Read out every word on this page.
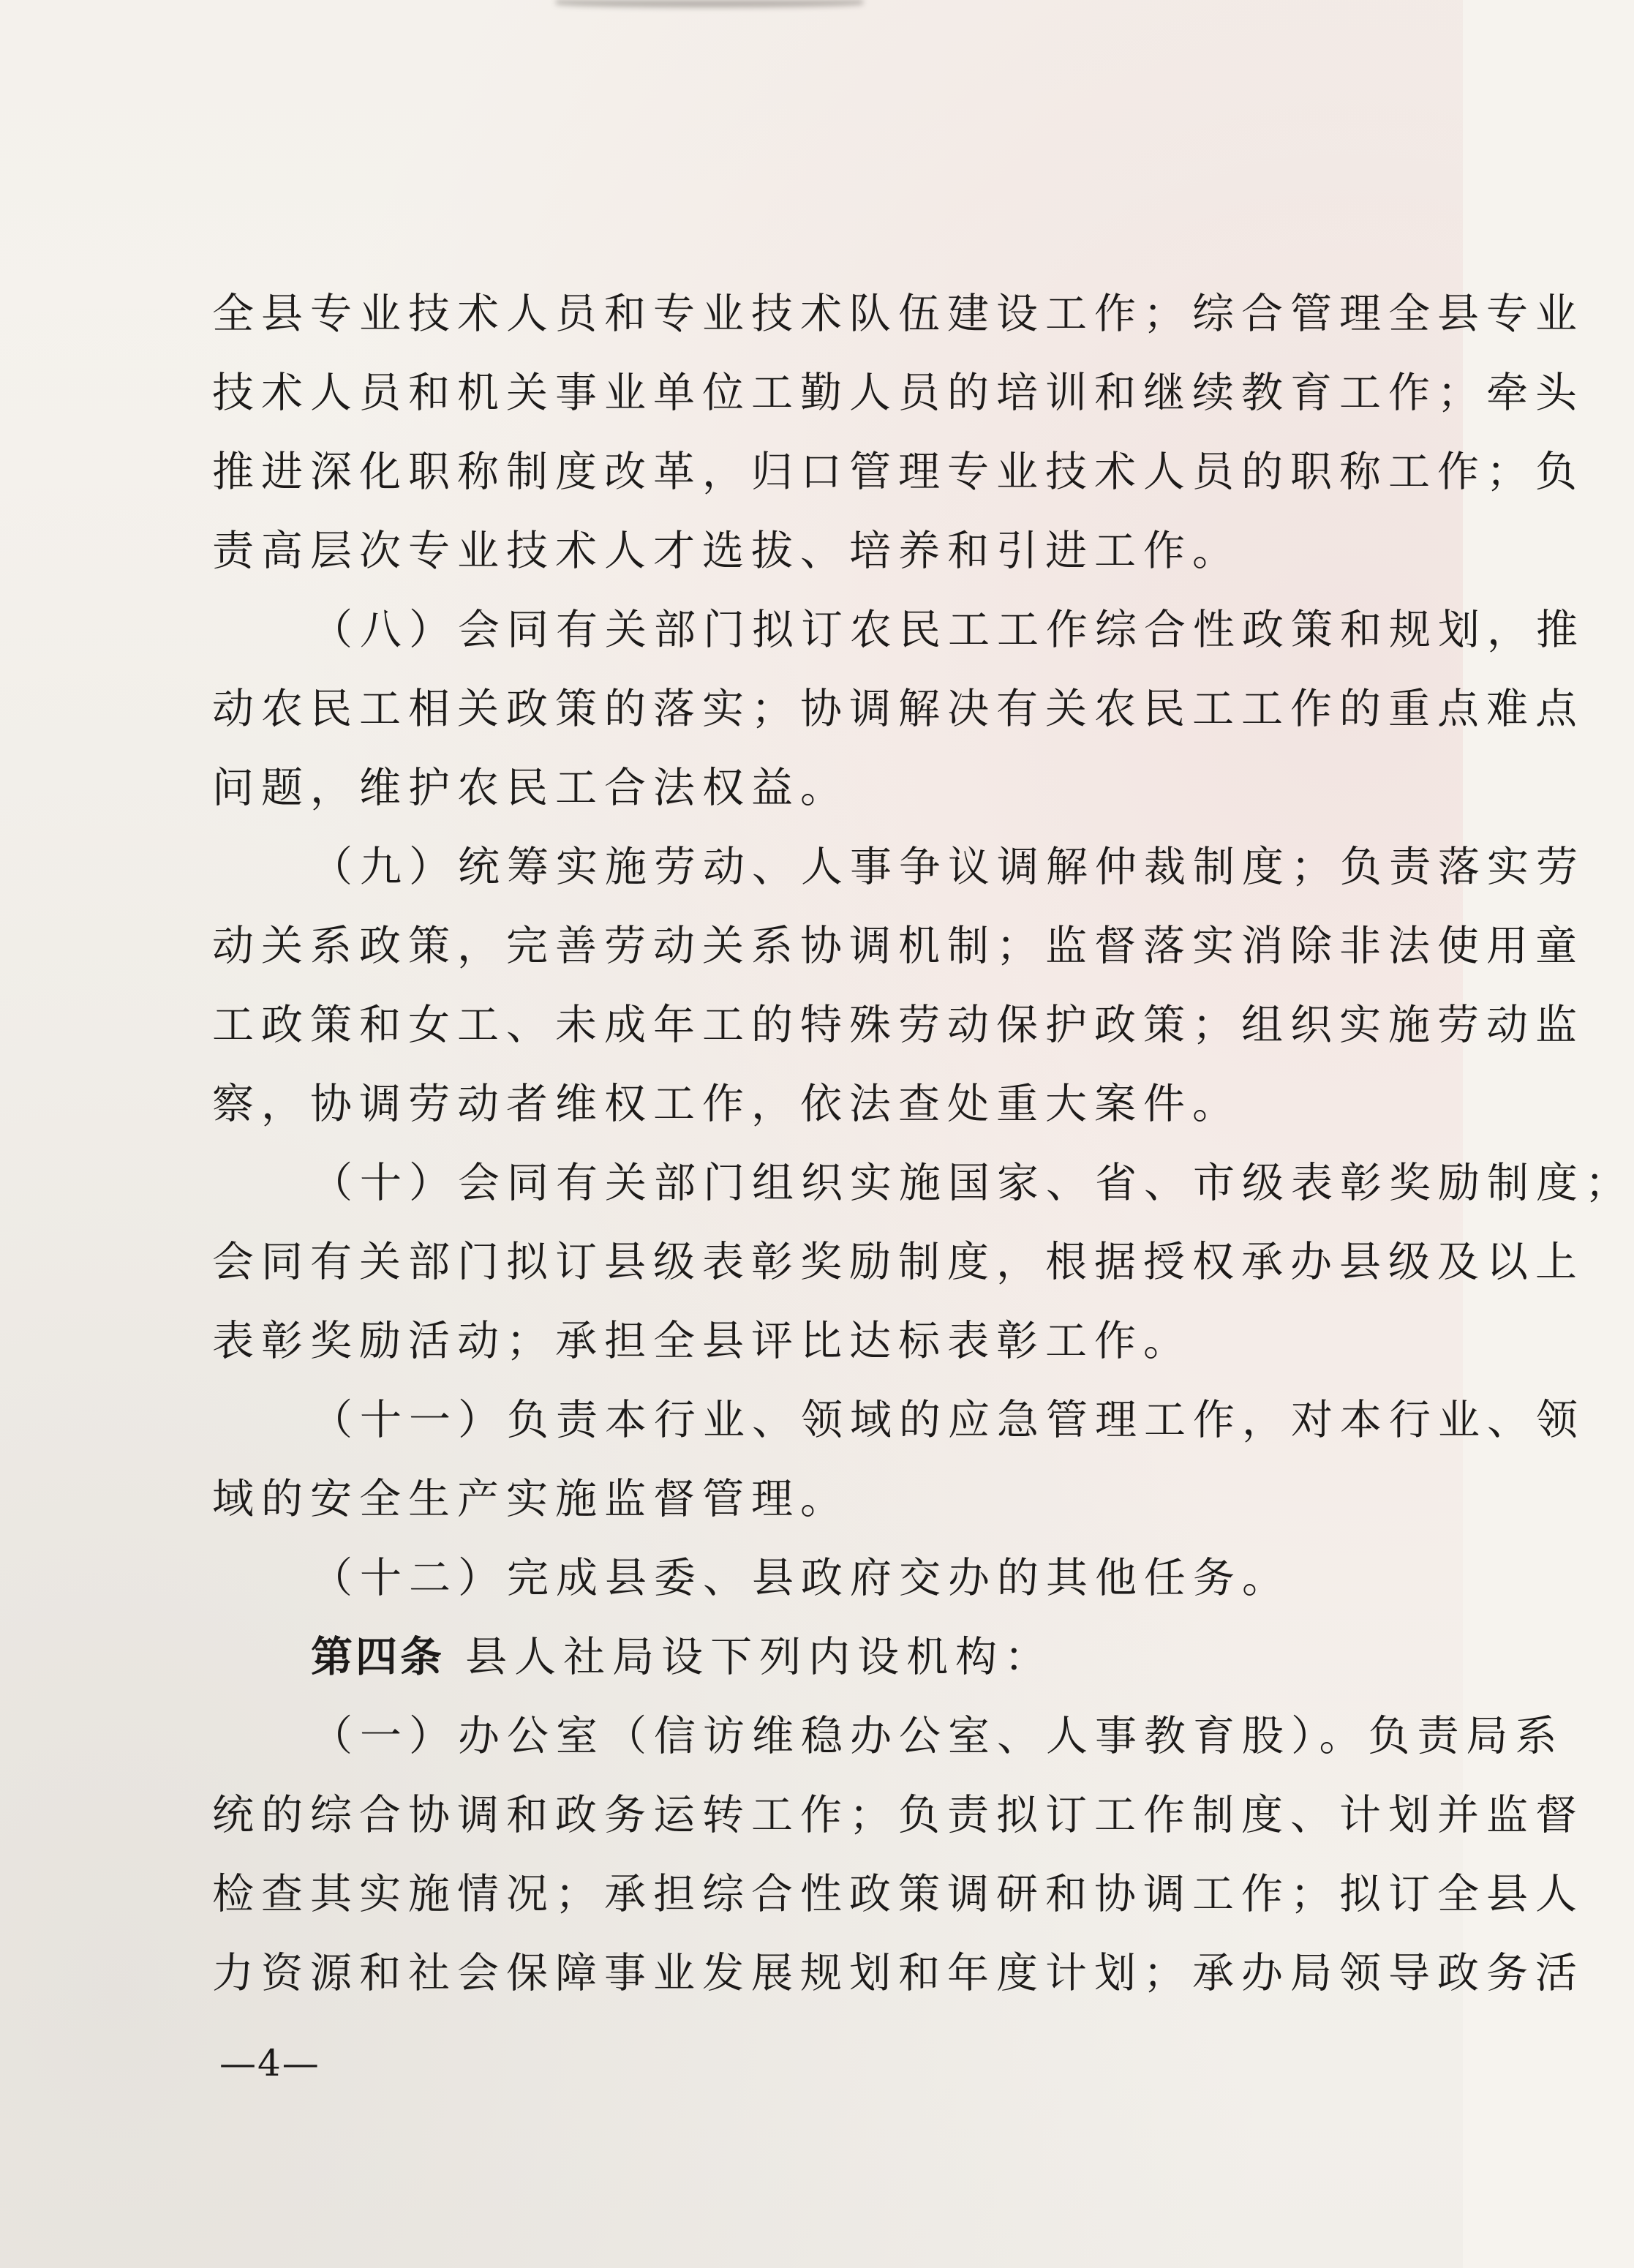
全县专业技术人员和专业技术队伍建设工作；综合管理全县专业
技术人员和机关事业单位工勤人员的培训和继续教育工作；牵头
推进深化职称制度改革，归口管理专业技术人员的职称工作；负
责高层次专业技术人才选拔、培养和引进工作。
（八）会同有关部门拟订农民工工作综合性政策和规划，推
动农民工相关政策的落实；协调解决有关农民工工作的重点难点
问题，维护农民工合法权益。
（九）统筹实施劳动、人事争议调解仲裁制度；负责落实劳
动关系政策，完善劳动关系协调机制；监督落实消除非法使用童
工政策和女工、未成年工的特殊劳动保护政策；组织实施劳动监
察，协调劳动者维权工作，依法查处重大案件。
（十）会同有关部门组织实施国家、省、市级表彰奖励制度；
会同有关部门拟订县级表彰奖励制度，根据授权承办县级及以上
表彰奖励活动；承担全县评比达标表彰工作。
（十一）负责本行业、领域的应急管理工作，对本行业、领
域的安全生产实施监督管理。
（十二）完成县委、县政府交办的其他任务。
第四条 县人社局设下列内设机构：
（一）办公室（信访维稳办公室、人事教育股）。负责局系
统的综合协调和政务运转工作；负责拟订工作制度、计划并监督
检查其实施情况；承担综合性政策调研和协调工作；拟订全县人
力资源和社会保障事业发展规划和年度计划；承办局领导政务活
—4—
